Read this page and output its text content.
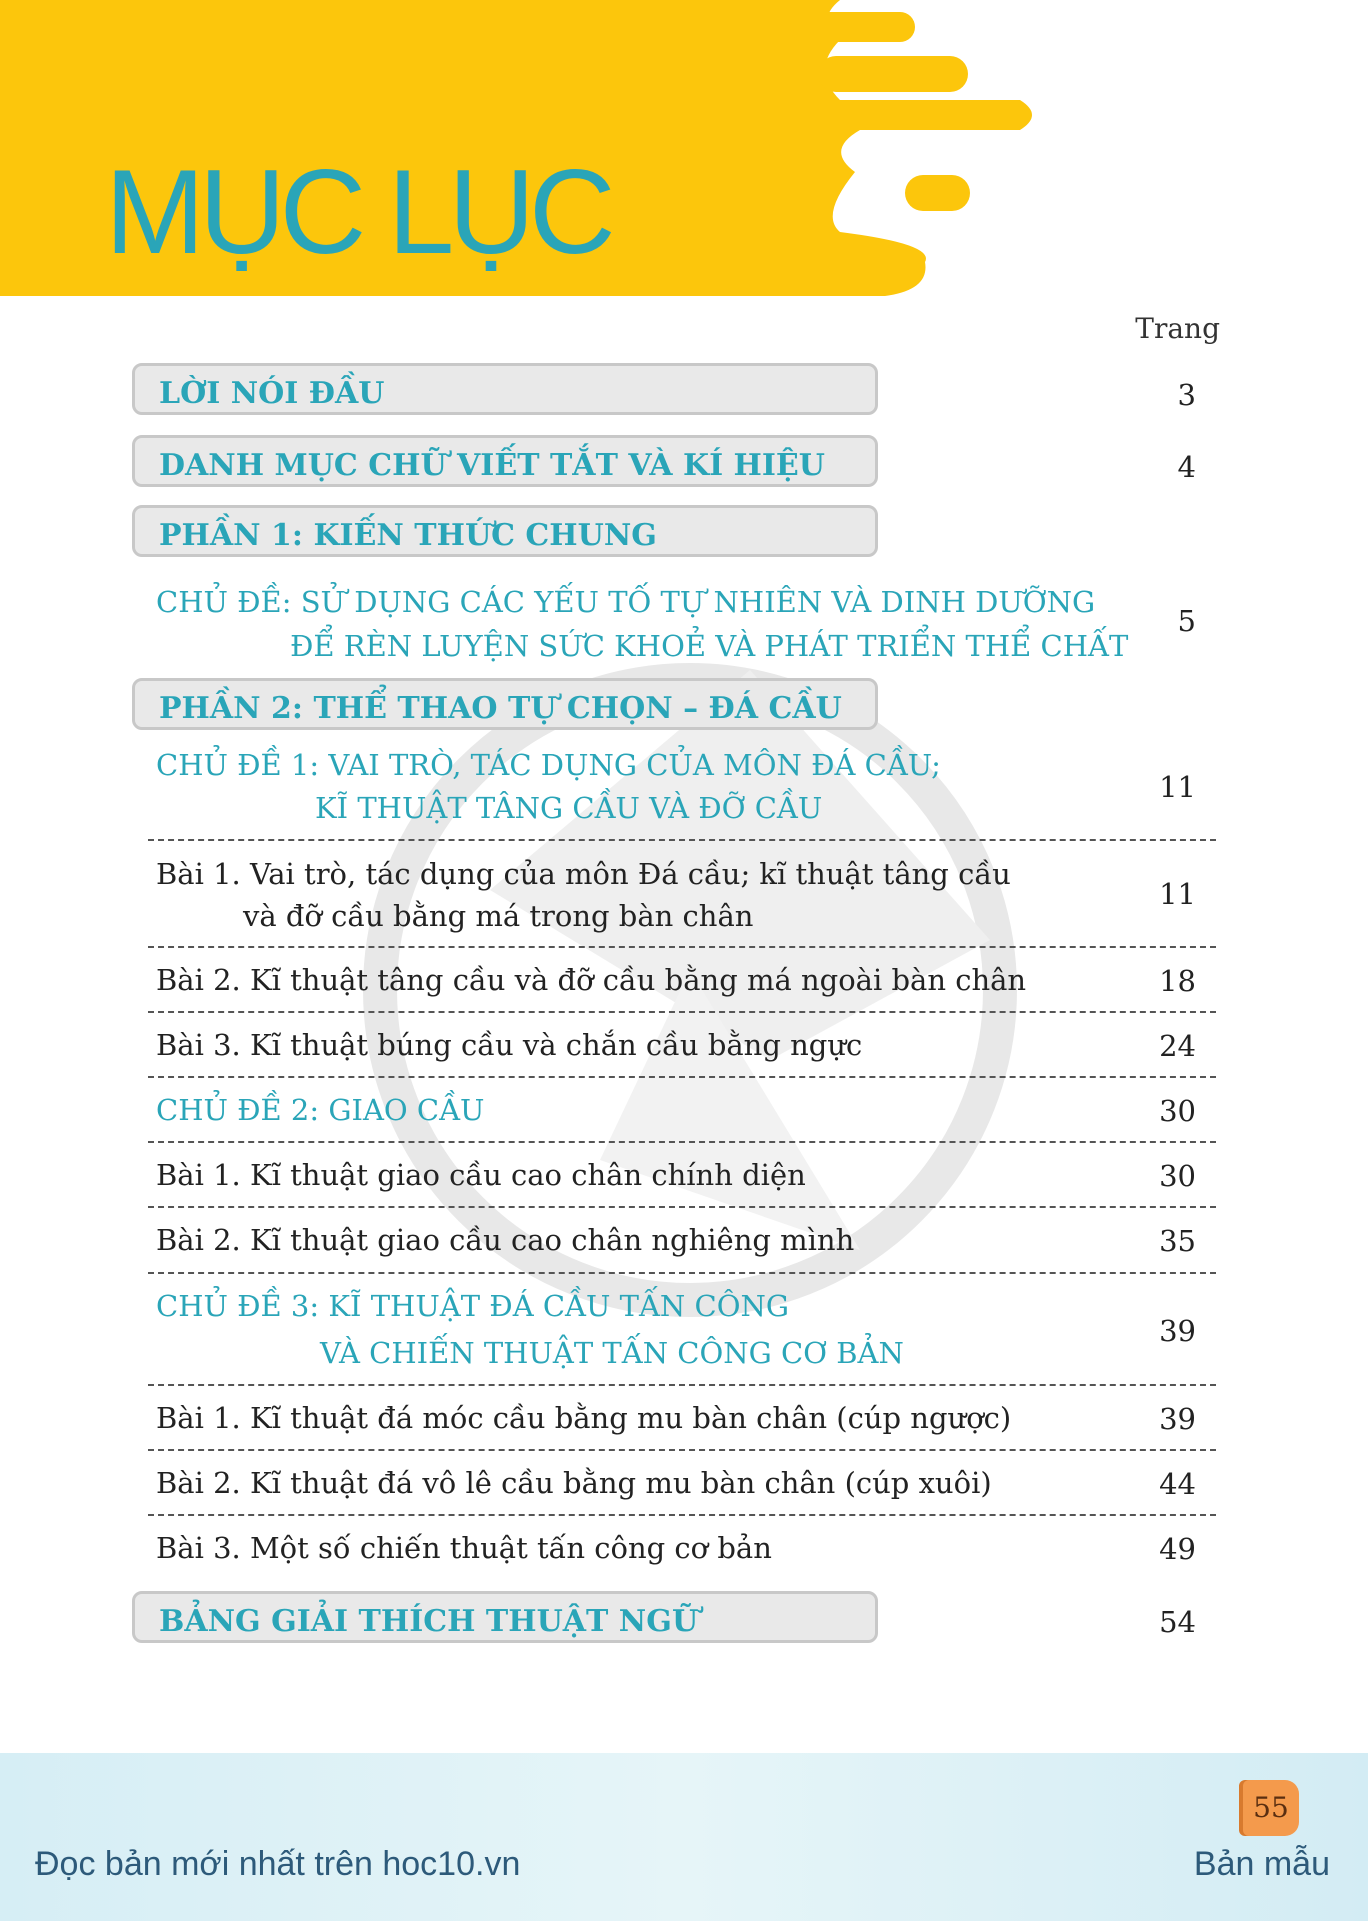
MỤC LỤC
Trang
LỜI NÓI ĐẦU	3
DANH MỤC CHỮ VIẾT TẮT VÀ KÍ HIỆU	4
PHẦN 1: KIẾN THỨC CHUNG
CHỦ ĐỀ: SỬ DỤNG CÁC YẾU TỐ TỰ NHIÊN VÀ DINH DƯỠNG
ĐỂ RÈN LUYỆN SỨC KHOẺ VÀ PHÁT TRIỂN THỂ CHẤT
5
PHẦN 2: THỂ THAO TỰ CHỌN – ĐÁ CẦU
CHỦ ĐỀ 1: VAI TRÒ, TÁC DỤNG CỦA MÔN ĐÁ CẦU;
KĨ THUẬT TÂNG CẦU VÀ ĐỠ CẦU
11
Bài 1. Vai trò, tác dụng của môn Đá cầu; kĩ thuật tâng cầu
và đỡ cầu bằng má trong bàn chân
11
Bài 2. Kĩ thuật tâng cầu và đỡ cầu bằng má ngoài bàn chân	18
Bài 3. Kĩ thuật búng cầu và chắn cầu bằng ngực	24
CHỦ ĐỀ 2: GIAO CẦU	30
Bài 1. Kĩ thuật giao cầu cao chân chính diện	30
Bài 2. Kĩ thuật giao cầu cao chân nghiêng mình	35
CHỦ ĐỀ 3: KĨ THUẬT ĐÁ CẦU TẤN CÔNG
VÀ CHIẾN THUẬT TẤN CÔNG CƠ BẢN
39
Bài 1. Kĩ thuật đá móc cầu bằng mu bàn chân (cúp ngược)	39
Bài 2. Kĩ thuật đá vô lê cầu bằng mu bàn chân (cúp xuôi)	44
Bài 3. Một số chiến thuật tấn công cơ bản	49
BẢNG GIẢI THÍCH THUẬT NGỮ	54
55
Đọc bản mới nhất trên hoc10.vn	Bản mẫu
